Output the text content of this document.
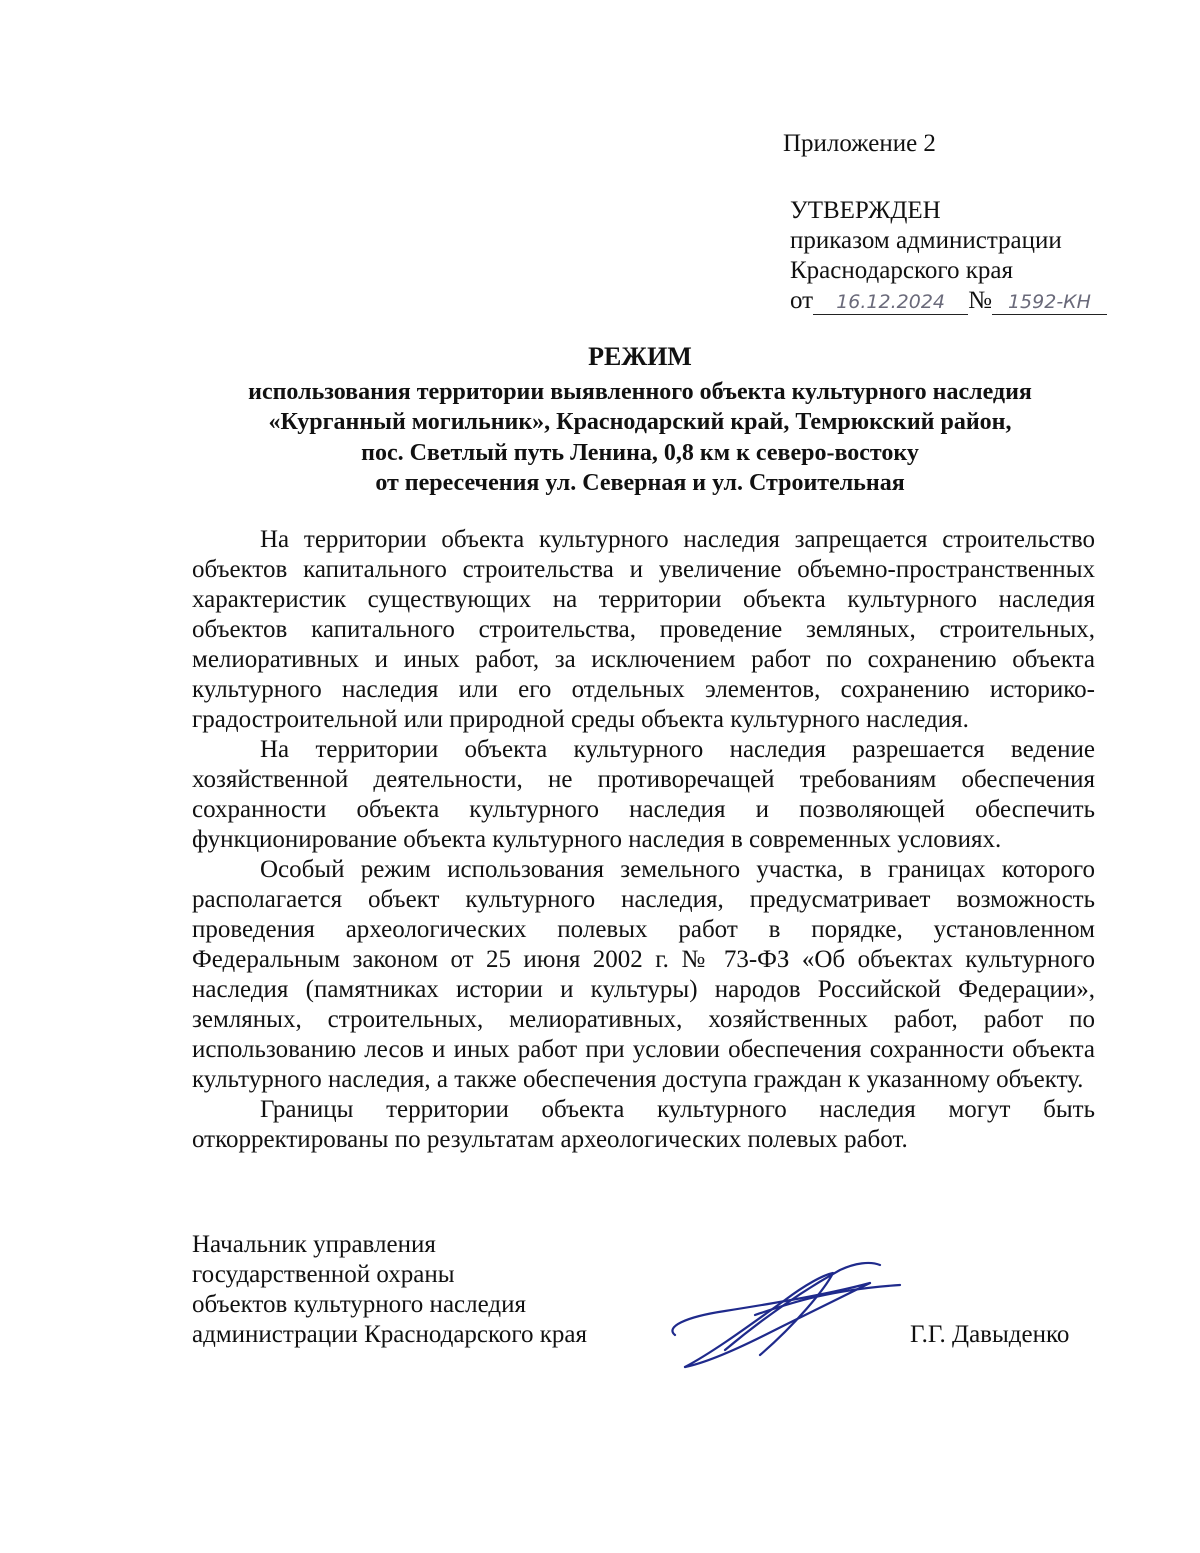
Приложение 2
УТВЕРЖДЕН
приказом администрации
Краснодарского края
от 16.12.2024 № 1592-КН
РЕЖИМ
использования территории выявленного объекта культурного наследия
«Курганный могильник», Краснодарский край, Темрюкский район,
пос. Светлый путь Ленина, 0,8 км к северо-востоку
от пересечения ул. Северная и ул. Строительная

На территории объекта культурного наследия запрещается строительство объектов капитального строительства и увеличение объемно-пространственных характеристик существующих на территории объекта культурного наследия объектов капитального строительства, проведение земляных, строительных, мелиоративных и иных работ, за исключением работ по сохранению объекта культурного наследия или его отдельных элементов, сохранению историко-градостроительной или природной среды объекта культурного наследия.

На территории объекта культурного наследия разрешается ведение хозяйственной деятельности, не противоречащей требованиям обеспечения сохранности объекта культурного наследия и позволяющей обеспечить функционирование объекта культурного наследия в современных условиях.

Особый режим использования земельного участка, в границах которого располагается объект культурного наследия, предусматривает возможность проведения археологических полевых работ в порядке, установленном Федеральным законом от 25 июня 2002 г. № 73-ФЗ «Об объектах культурного наследия (памятниках истории и культуры) народов Российской Федерации», земляных, строительных, мелиоративных, хозяйственных работ, работ по использованию лесов и иных работ при условии обеспечения сохранности объекта культурного наследия, а также обеспечения доступа граждан к указанному объекту.

Границы территории объекта культурного наследия могут быть откорректированы по результатам археологических полевых работ.

Начальник управления
государственной охраны
объектов культурного наследия
администрации Краснодарского края	Г.Г. Давыденко
